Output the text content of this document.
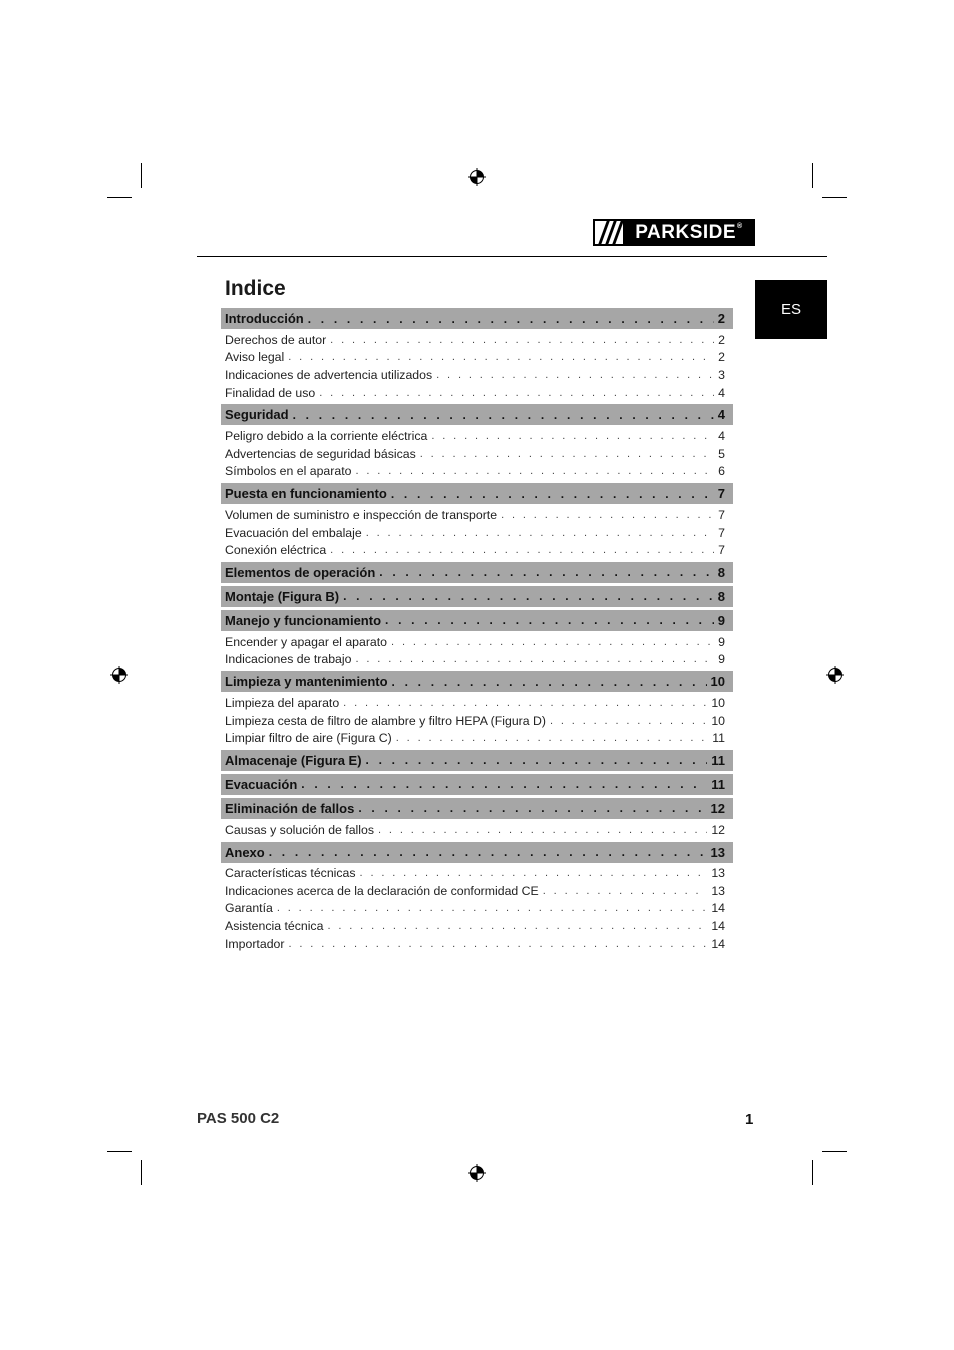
PARKSIDE®
ES
Indice
Introducción . . .	2
Derechos de autor . . .	2
Aviso legal . . .	2
Indicaciones de advertencia utilizados . . .	3
Finalidad de uso . . .	4
Seguridad . . .	4
Peligro debido a la corriente eléctrica . . .	4
Advertencias de seguridad básicas . . .	5
Símbolos en el aparato . . .	6
Puesta en funcionamiento . . .	7
Volumen de suministro e inspección de transporte . . .	7
Evacuación del embalaje . . .	7
Conexión eléctrica . . .	7
Elementos de operación . . .	8
Montaje (Figura B) . . .	8
Manejo y funcionamiento . . .	9
Encender y apagar el aparato . . .	9
Indicaciones de trabajo . . .	9
Limpieza y mantenimiento . . .	10
Limpieza del aparato . . .	10
Limpieza cesta de filtro de alambre y filtro HEPA (Figura D) . . .	10
Limpiar filtro de aire (Figura C) . . .	11
Almacenaje (Figura E) . . .	11
Evacuación . . .	11
Eliminación de fallos . . .	12
Causas y solución de fallos . . .	12
Anexo . . .	13
Características técnicas . . .	13
Indicaciones acerca de la declaración de conformidad CE . . .	13
Garantía . . .	14
Asistencia técnica . . .	14
Importador . . .	14
PAS 500 C2	1
